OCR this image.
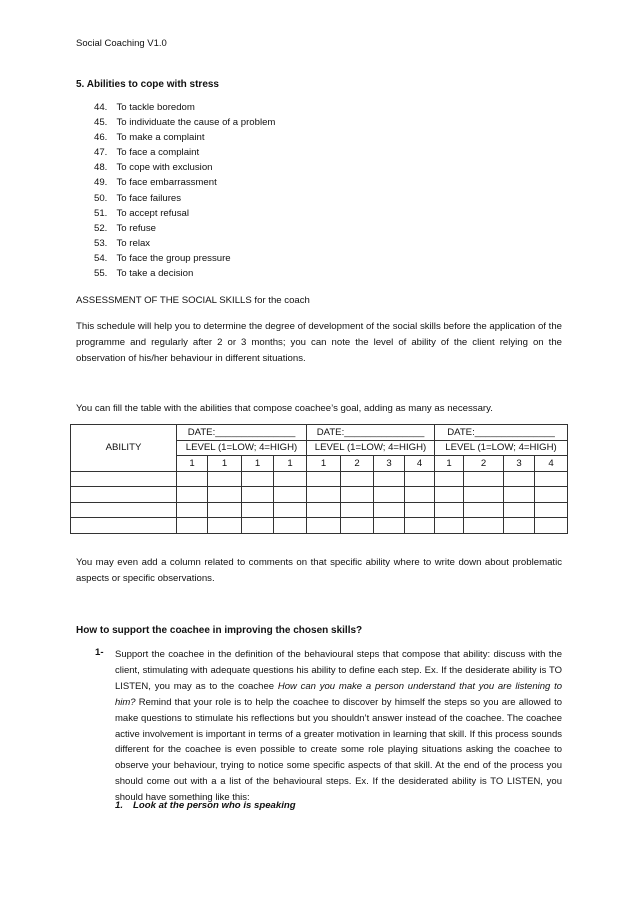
Social Coaching V1.0
5. Abilities to cope with stress
44. To tackle boredom
45. To individuate the cause of a problem
46. To make a complaint
47. To face a complaint
48. To cope with exclusion
49. To face embarrassment
50. To face failures
51. To accept refusal
52. To refuse
53. To relax
54. To face the group pressure
55. To take a decision
ASSESSMENT OF THE SOCIAL SKILLS for the coach
This schedule will help you to determine the degree of development of the social skills before the application of the programme and regularly after 2 or 3 months; you can note the level of ability of the client relying on the observation of his/her behaviour in different situations.
You can fill the table with the abilities that compose coachee’s goal, adding as many as necessary.
ABILITY	DATE:_______________				DATE:_______________				DATE:_______________			
	LEVEL (1=LOW; 4=HIGH)				LEVEL (1=LOW; 4=HIGH)				LEVEL (1=LOW; 4=HIGH)			
	1	1	1	1	1	2	3	4	1	2	3	4

You may even add a column related to comments on that specific ability where to write down about problematic aspects or specific observations.
How to support the coachee in improving the chosen skills?
1- Support the coachee in the definition of the behavioural steps that compose that ability: discuss with the client, stimulating with adequate questions his ability to define each step. Ex. If the desiderate ability is TO LISTEN, you may as to the coachee How can you make a person understand that you are listening to him? Remind that your role is to help the coachee to discover by himself the steps so you are allowed to make questions to stimulate his reflections but you shouldn’t answer instead of the coachee. The coachee active involvement is important in terms of a greater motivation in learning that skill. If this process sounds different for the coachee is even possible to create some role playing situations asking the coachee to observe your behaviour, trying to notice some specific aspects of that skill. At the end of the process you should come out with a a list of the behavioural steps. Ex. If the desiderated ability is TO LISTEN, you should have something like this:
1. Look at the person who is speaking
